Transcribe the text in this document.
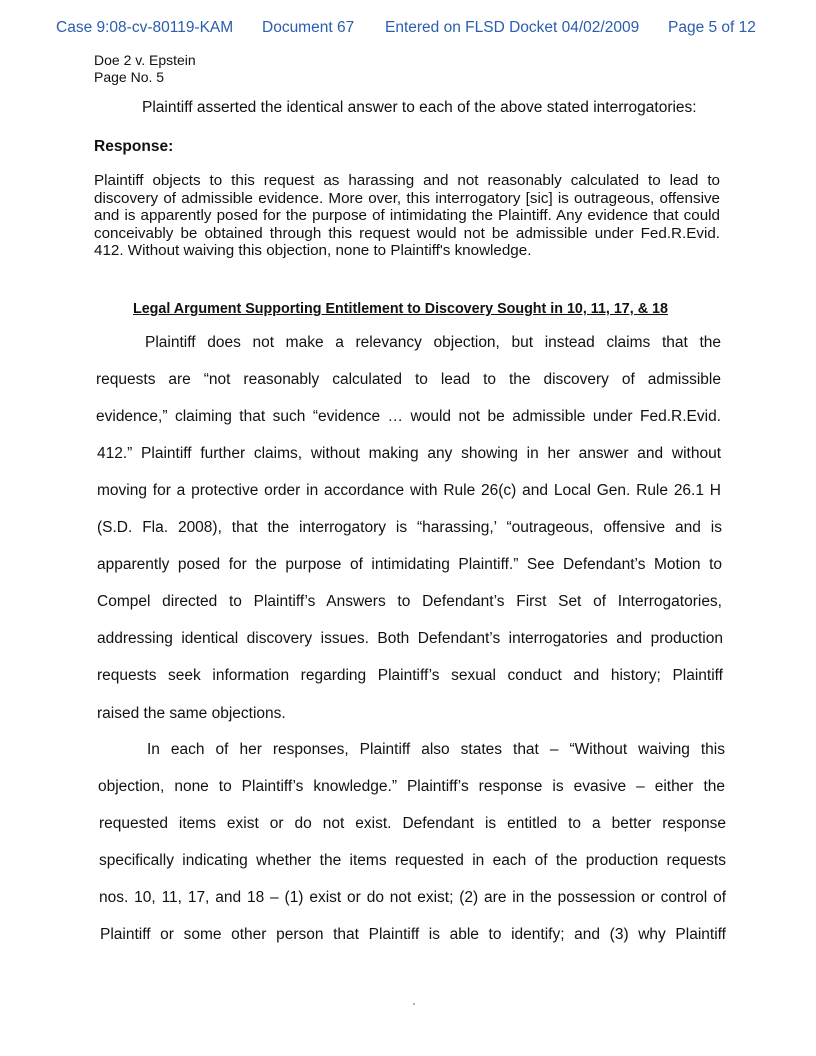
Case 9:08-cv-80119-KAM Document 67 Entered on FLSD Docket 04/02/2009 Page 5 of 12
Doe 2 v. Epstein
Page No. 5
Plaintiff asserted the identical answer to each of the above stated interrogatories:
Response:
Plaintiff objects to this request as harassing and not reasonably calculated to lead to discovery of admissible evidence. More over, this interrogatory [sic] is outrageous, offensive and is apparently posed for the purpose of intimidating the Plaintiff. Any evidence that could conceivably be obtained through this request would not be admissible under Fed.R.Evid. 412. Without waiving this objection, none to Plaintiff's knowledge.
Legal Argument Supporting Entitlement to Discovery Sought in 10, 11, 17, & 18
Plaintiff does not make a relevancy objection, but instead claims that the
requests are “not reasonably calculated to lead to the discovery of admissible
evidence,” claiming that such “evidence … would not be admissible under Fed.R.Evid.
412.” Plaintiff further claims, without making any showing in her answer and without
moving for a protective order in accordance with Rule 26(c) and Local Gen. Rule 26.1 H
(S.D. Fla. 2008), that the interrogatory is “harassing,’ “outrageous, offensive and is
apparently posed for the purpose of intimidating Plaintiff.” See Defendant’s Motion to
Compel directed to Plaintiff’s Answers to Defendant’s First Set of Interrogatories,
addressing identical discovery issues. Both Defendant’s interrogatories and production
requests seek information regarding Plaintiff’s sexual conduct and history; Plaintiff
raised the same objections.
In each of her responses, Plaintiff also states that – “Without waiving this
objection, none to Plaintiff’s knowledge.” Plaintiff’s response is evasive – either the
requested items exist or do not exist. Defendant is entitled to a better response
specifically indicating whether the items requested in each of the production requests
nos. 10, 11, 17, and 18 – (1) exist or do not exist; (2) are in the possession or control of
Plaintiff or some other person that Plaintiff is able to identify; and (3) why Plaintiff
